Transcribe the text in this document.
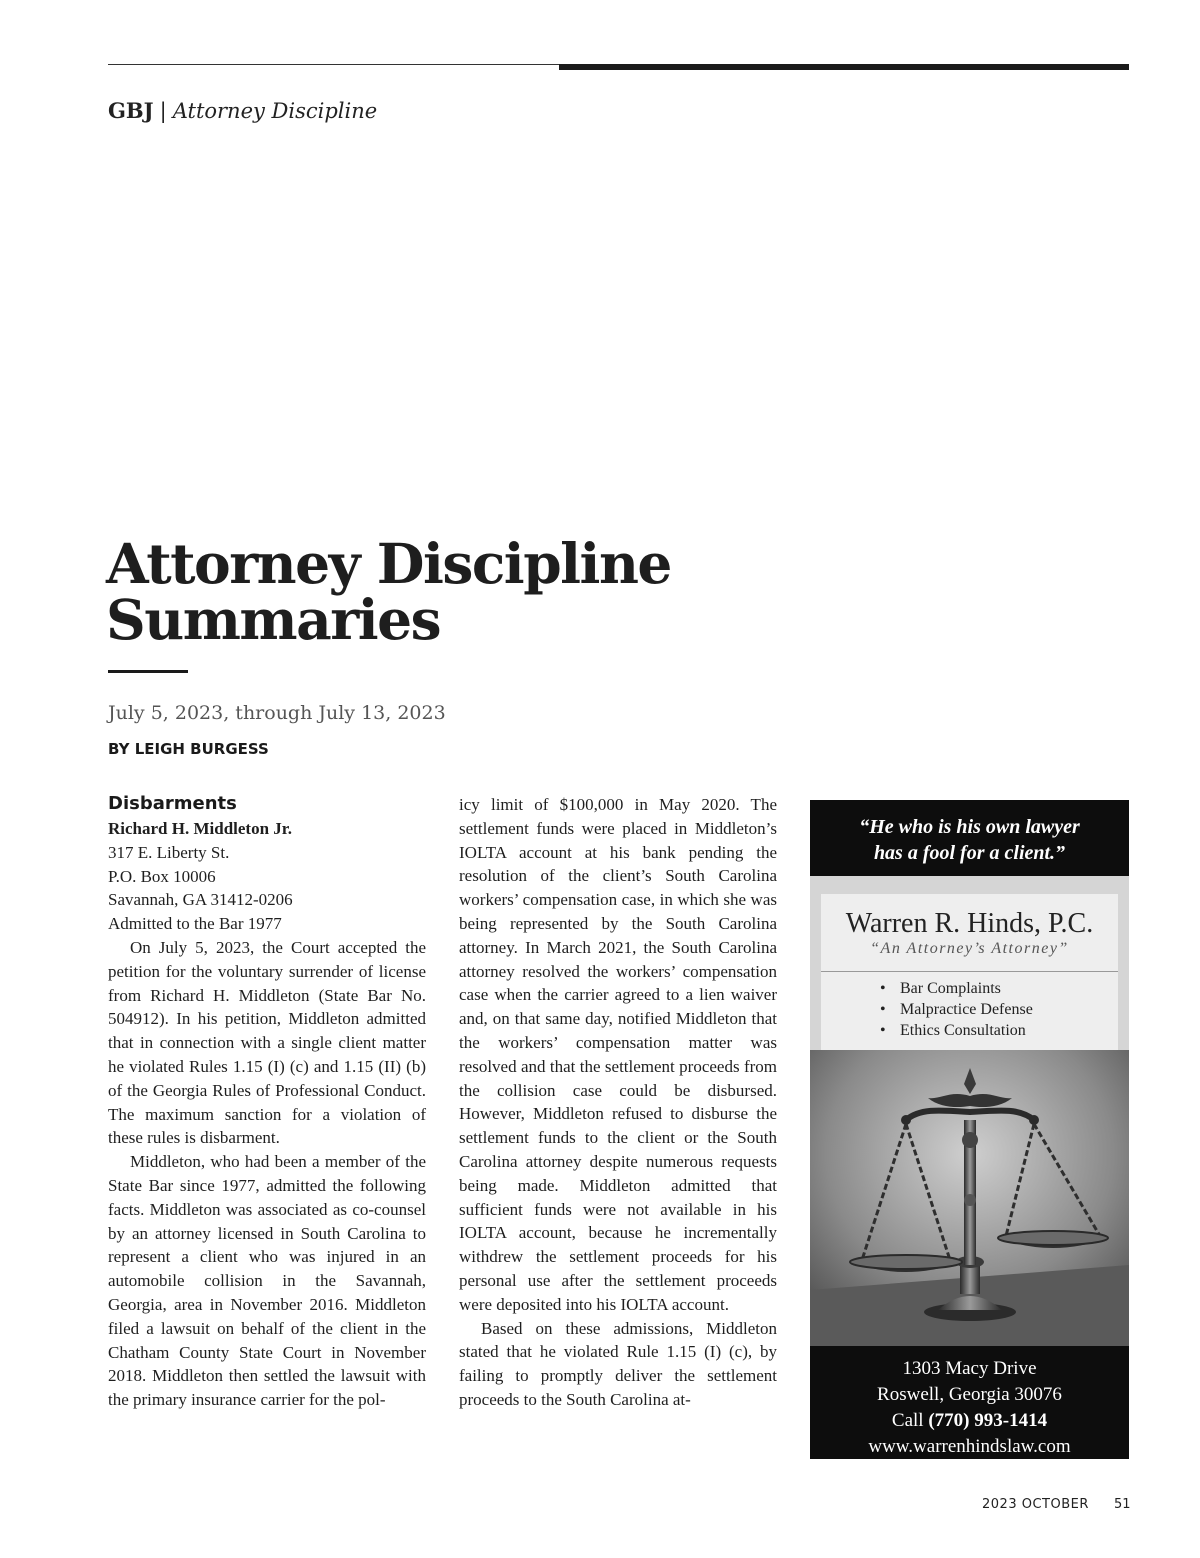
GBJ | Attorney Discipline
Attorney Discipline
Summaries
July 5, 2023, through July 13, 2023
BY LEIGH BURGESS
Disbarments
Richard H. Middleton Jr.
317 E. Liberty St.
P.O. Box 10006
Savannah, GA 31412-0206
Admitted to the Bar 1977

On July 5, 2023, the Court accepted the petition for the voluntary surrender of license from Richard H. Middleton (State Bar No. 504912). In his petition, Middleton admitted that in connection with a single client matter he violated Rules 1.15 (I) (c) and 1.15 (II) (b) of the Georgia Rules of Professional Conduct. The maximum sanction for a violation of these rules is disbarment.

Middleton, who had been a member of the State Bar since 1977, admitted the following facts. Middleton was associated as co-counsel by an attorney licensed in South Carolina to represent a client who was injured in an automobile collision in the Savannah, Georgia, area in November 2016. Middleton filed a lawsuit on behalf of the client in the Chatham County State Court in November 2018. Middleton then settled the lawsuit with the primary insurance carrier for the pol-

icy limit of $100,000 in May 2020. The settlement funds were placed in Middleton’s IOLTA account at his bank pending the resolution of the client’s South Carolina workers’ compensation case, in which she was being represented by the South Carolina attorney. In March 2021, the South Carolina attorney resolved the workers’ compensation case when the carrier agreed to a lien waiver and, on that same day, notified Middleton that the workers’ compensation matter was resolved and that the settlement proceeds from the collision case could be disbursed. However, Middleton refused to disburse the settlement funds to the client or the South Carolina attorney despite numerous requests being made. Middleton admitted that sufficient funds were not available in his IOLTA account, because he incrementally withdrew the settlement proceeds for his personal use after the settlement proceeds were deposited into his IOLTA account.

Based on these admissions, Middleton stated that he violated Rule 1.15 (I) (c), by failing to promptly deliver the settlement proceeds to the South Carolina at-

“He who is his own lawyer
has a fool for a client.”
Warren R. Hinds, P.C.
“An Attorney’s Attorney”
• Bar Complaints
• Malpractice Defense
• Ethics Consultation
1303 Macy Drive
Roswell, Georgia 30076
Call (770) 993-1414
www.warrenhindslaw.com
2023 OCTOBER 51
